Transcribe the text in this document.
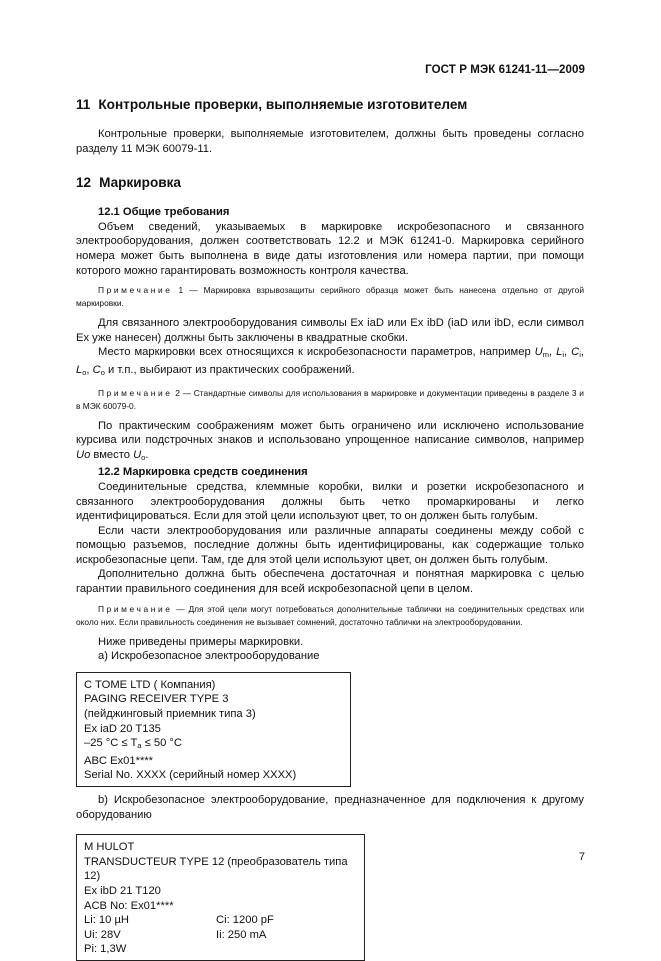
ГОСТ Р МЭК 61241-11—2009
11 Контрольные проверки, выполняемые изготовителем

Контрольные проверки, выполняемые изготовителем, должны быть проведены согласно разделу 11 МЭК 60079-11.

12 Маркировка

12.1 Общие требования

Объем сведений, указываемых в маркировке искробезопасного и связанного электрооборудования, должен соответствовать 12.2 и МЭК 61241-0. Маркировка серийного номера может быть выполнена в виде даты изготовления или номера партии, при помощи которого можно гарантировать возможность контроля качества.

Примечание 1 — Маркировка взрывозащиты серийного образца может быть нанесена отдельно от другой маркировки.

Для связанного электрооборудования символы Ex iaD или Ex ibD (iaD или ibD, если символ Ex уже нанесен) должны быть заключены в квадратные скобки.

Место маркировки всех относящихся к искробезопасности параметров, например $U_m$, $L_i$, $C_i$, $L_o$, $C_o$ и т.п., выбирают из практических соображений.

Примечание 2 — Стандартные символы для использования в маркировке и документации приведены в разделе 3 и в МЭК 60079-0.

По практическим соображениям может быть ограничено или исключено использование курсива или подстрочных знаков и использовано упрощенное написание символов, например Uo вместо $U_o$.

12.2 Маркировка средств соединения

Соединительные средства, клеммные коробки, вилки и розетки искробезопасного и связанного электрооборудования должны быть четко промаркированы и легко идентифицироваться. Если для этой цели используют цвет, то он должен быть голубым.

Если части электрооборудования или различные аппараты соединены между собой с помощью разъемов, последние должны быть идентифицированы, как содержащие только искробезопасные цепи. Там, где для этой цели используют цвет, он должен быть голубым.

Дополнительно должна быть обеспечена достаточная и понятная маркировка с целью гарантии правильного соединения для всей искробезопасной цепи в целом.

Примечание — Для этой цели могут потребоваться дополнительные таблички на соединительных средствах или около них. Если правильность соединения не вызывает сомнений, достаточно таблички на электрооборудовании.

Ниже приведены примеры маркировки.

а) Искробезопасное электрооборудование

C TOME LTD ( Компания)
PAGING RECEIVER TYPE 3
(пейджинговый приемник типа 3)
Ex iaD 20 T135
–25 $^\circ C \le T_a \le 50$ °C
ABC Ex01****
Serial No. XXXX (серийный номер XXXX)

b) Искробезопасное электрооборудование, предназначенное для подключения к другому оборудованию

M HULOT
TRANSDUCTEUR TYPE 12 (преобразователь типа 12)
Ex ibD 21 T120
ACB No: Ex01****
Li: 10 µH	Ci: 1200 pF
Ui: 28V	Ii: 250 mA
Pi: 1,3W
7
